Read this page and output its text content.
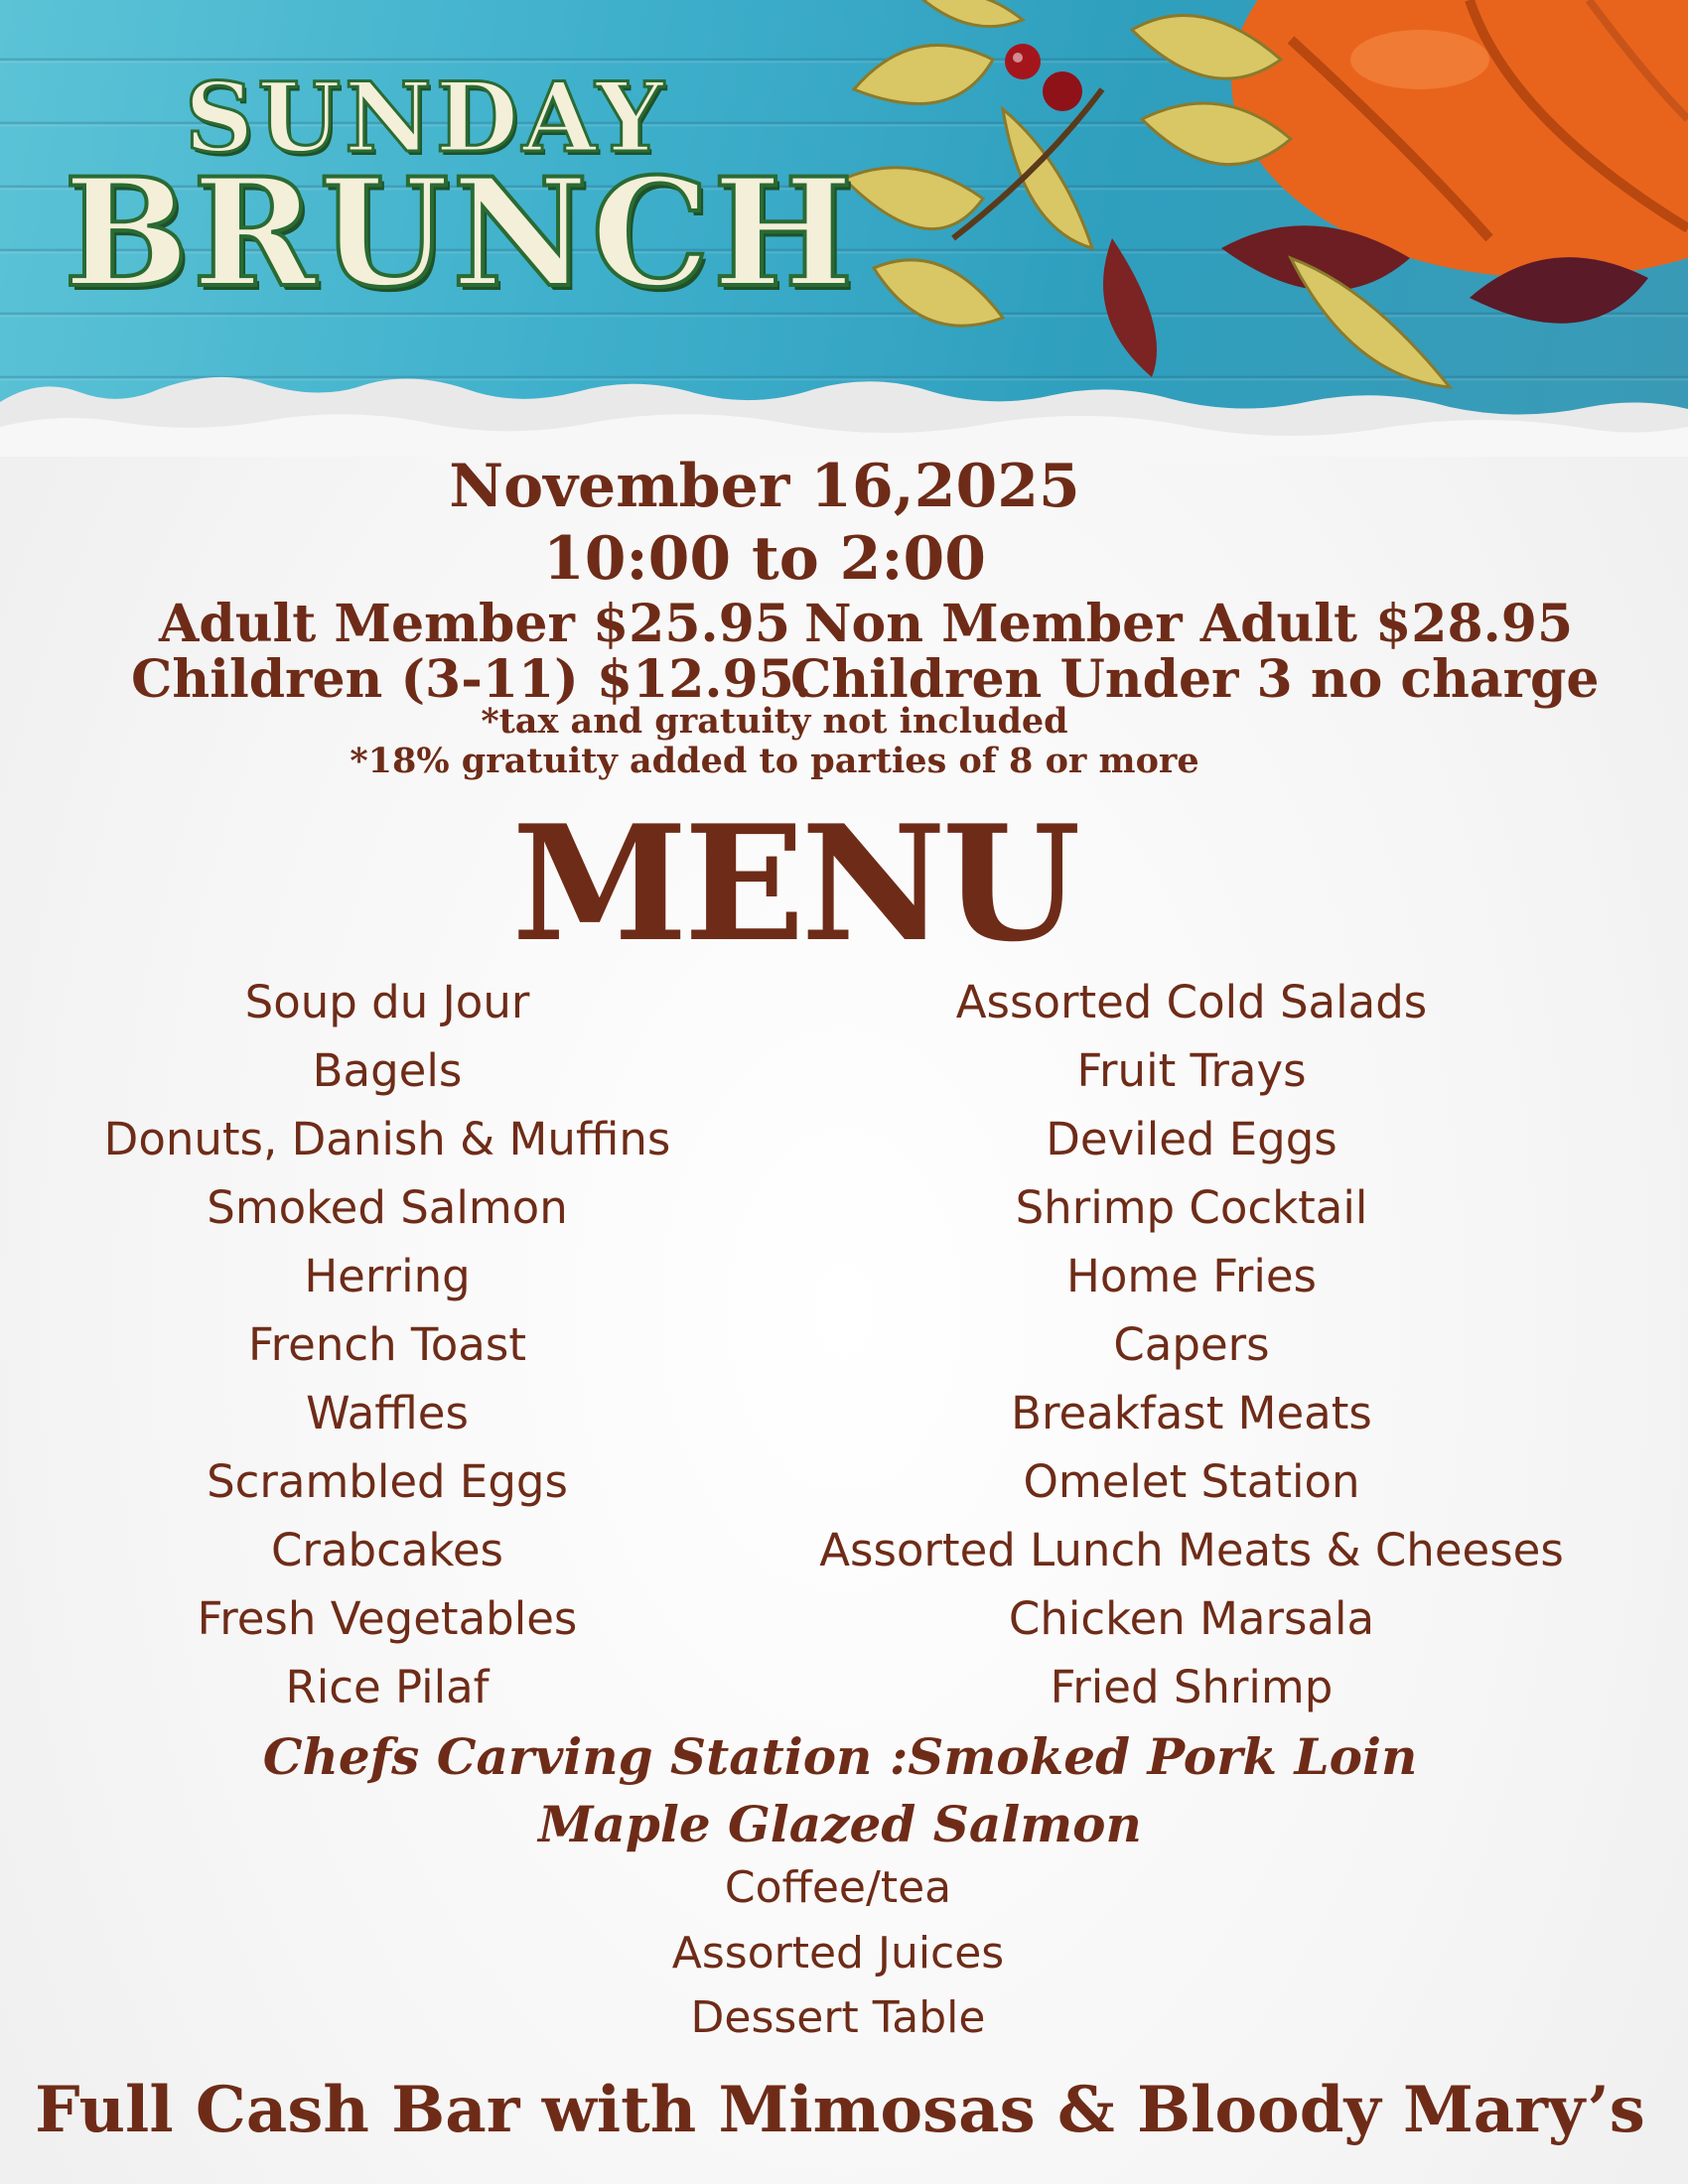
SUNDAY
BRUNCH
November 16,2025
10:00 to 2:00
Adult Member $25.95 Non Member Adult $28.95
Children (3-11) $12.95.
Children Under 3 no charge
*tax and gratuity not included
*18% gratuity added to parties of 8 or more
MENU
Soup du Jour
Bagels
Donuts, Danish & Muffins
Smoked Salmon
Herring
French Toast
Waffles
Scrambled Eggs
Crabcakes
Fresh Vegetables
Rice Pilaf
Assorted Cold Salads
Fruit Trays
Deviled Eggs
Shrimp Cocktail
Home Fries
Capers
Breakfast Meats
Omelet Station
Assorted Lunch Meats & Cheeses
Chicken Marsala
Fried Shrimp
Chefs Carving Station :Smoked Pork Loin
Maple Glazed Salmon
Coffee/tea
Assorted Juices
Dessert Table
Full Cash Bar with Mimosas & Bloody Mary’s
